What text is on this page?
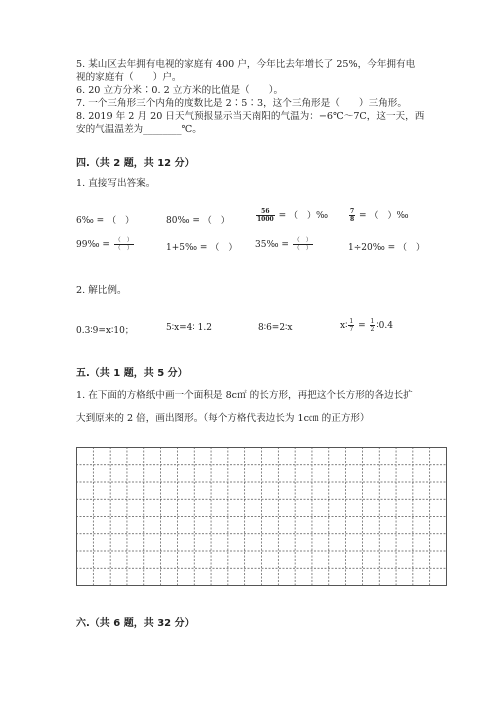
5. 某山区去年拥有电视的家庭有 400 户，今年比去年增长了 25%，今年拥有电
视的家庭有（　　）户。
6. 20 立方分米∶0. 2 立方米的比值是（　　）。
7. 一个三角形三个内角的度数比是 2∶5∶3，这个三角形是（　　）三角形。
8. 2019 年 2 月 20 日天气预报显示当天南阳的气温为：−6℃～7C，这一天，西
安的气温温差为________℃。
四.（共 2 题，共 12 分）
1. 直接写出答案。
6‰ = （　）	80‰ = （　）	$\frac{56}{1000}$ = （　）‰	$\frac{7}{8}$ = （　）‰
99‰ = $\frac{( )}{( )}$	1+5‰ = （　） 35‰ = $\frac{( )}{( )}$	1÷20‰ = （　）
2. 解比例。
0.3∶9=x∶10；	5∶x=4∶ 1.2	8∶6=2∶x	x∶ $\frac{1}{7} = \frac{1}{2}$ ∶0.4
五.（共 1 题，共 5 分）
1. 在下面的方格纸中画一个面积是 8c㎡ 的长方形，再把这个长方形的各边长扩
大到原来的 2 倍，画出图形。（每个方格代表边长为 1c㎝ 的正方形）
六.（共 6 题，共 32 分）
